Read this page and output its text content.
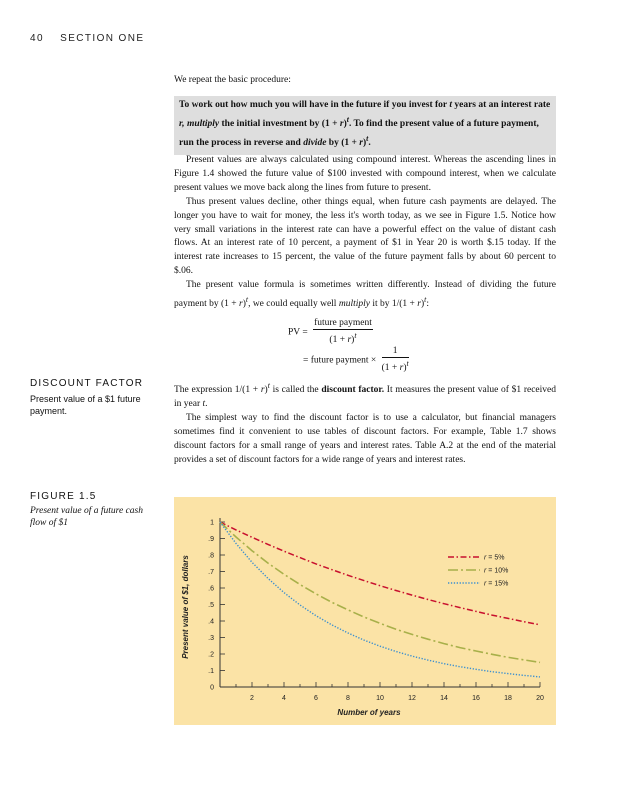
40 SECTION ONE
We repeat the basic procedure:
To work out how much you will have in the future if you invest for t years at an interest rate r, multiply the initial investment by $(1 + r)^t$. To find the present value of a future payment, run the process in reverse and divide by $(1 + r)^t$.

Present values are always calculated using compound interest. Whereas the ascending lines in Figure 1.4 showed the future value of $100 invested with compound interest, when we calculate present values we move back along the lines from future to present.

Thus present values decline, other things equal, when future cash payments are delayed. The longer you have to wait for money, the less it's worth today, as we see in Figure 1.5. Notice how very small variations in the interest rate can have a powerful effect on the value of distant cash flows. At an interest rate of 10 percent, a payment of $1 in Year 20 is worth $.15 today. If the interest rate increases to 15 percent, the value of the future payment falls by about 60 percent to $.06.

The present value formula is sometimes written differently. Instead of dividing the future payment by $(1 + r)^t$, we could equally well multiply it by $1/(1 + r)^t$:

PV = $\frac{\text{future payment}}{(1 + r)^t}$
= future payment × $\frac{1}{(1 + r)^t}$
DISCOUNT FACTOR
Present value of a $1 future payment.

The expression $1/(1 + r)^t$ is called the discount factor. It measures the present value of $1 received in year t.

The simplest way to find the discount factor is to use a calculator, but financial managers sometimes find it convenient to use tables of discount factors. For example, Table 1.7 shows discount factors for a small range of years and interest rates. Table A.2 at the end of the material provides a set of discount factors for a wide range of years and interest rates.

FIGURE 1.5
Present value of a future cash flow of $1
0
.1
.2
.3
.4
.5
.6
.7
.8
.9
1
2	4	6	8	10	12	14	16	18	20
r = 5%
r = 10%
r = 15%
Present value of $1, dollars
Number of years
